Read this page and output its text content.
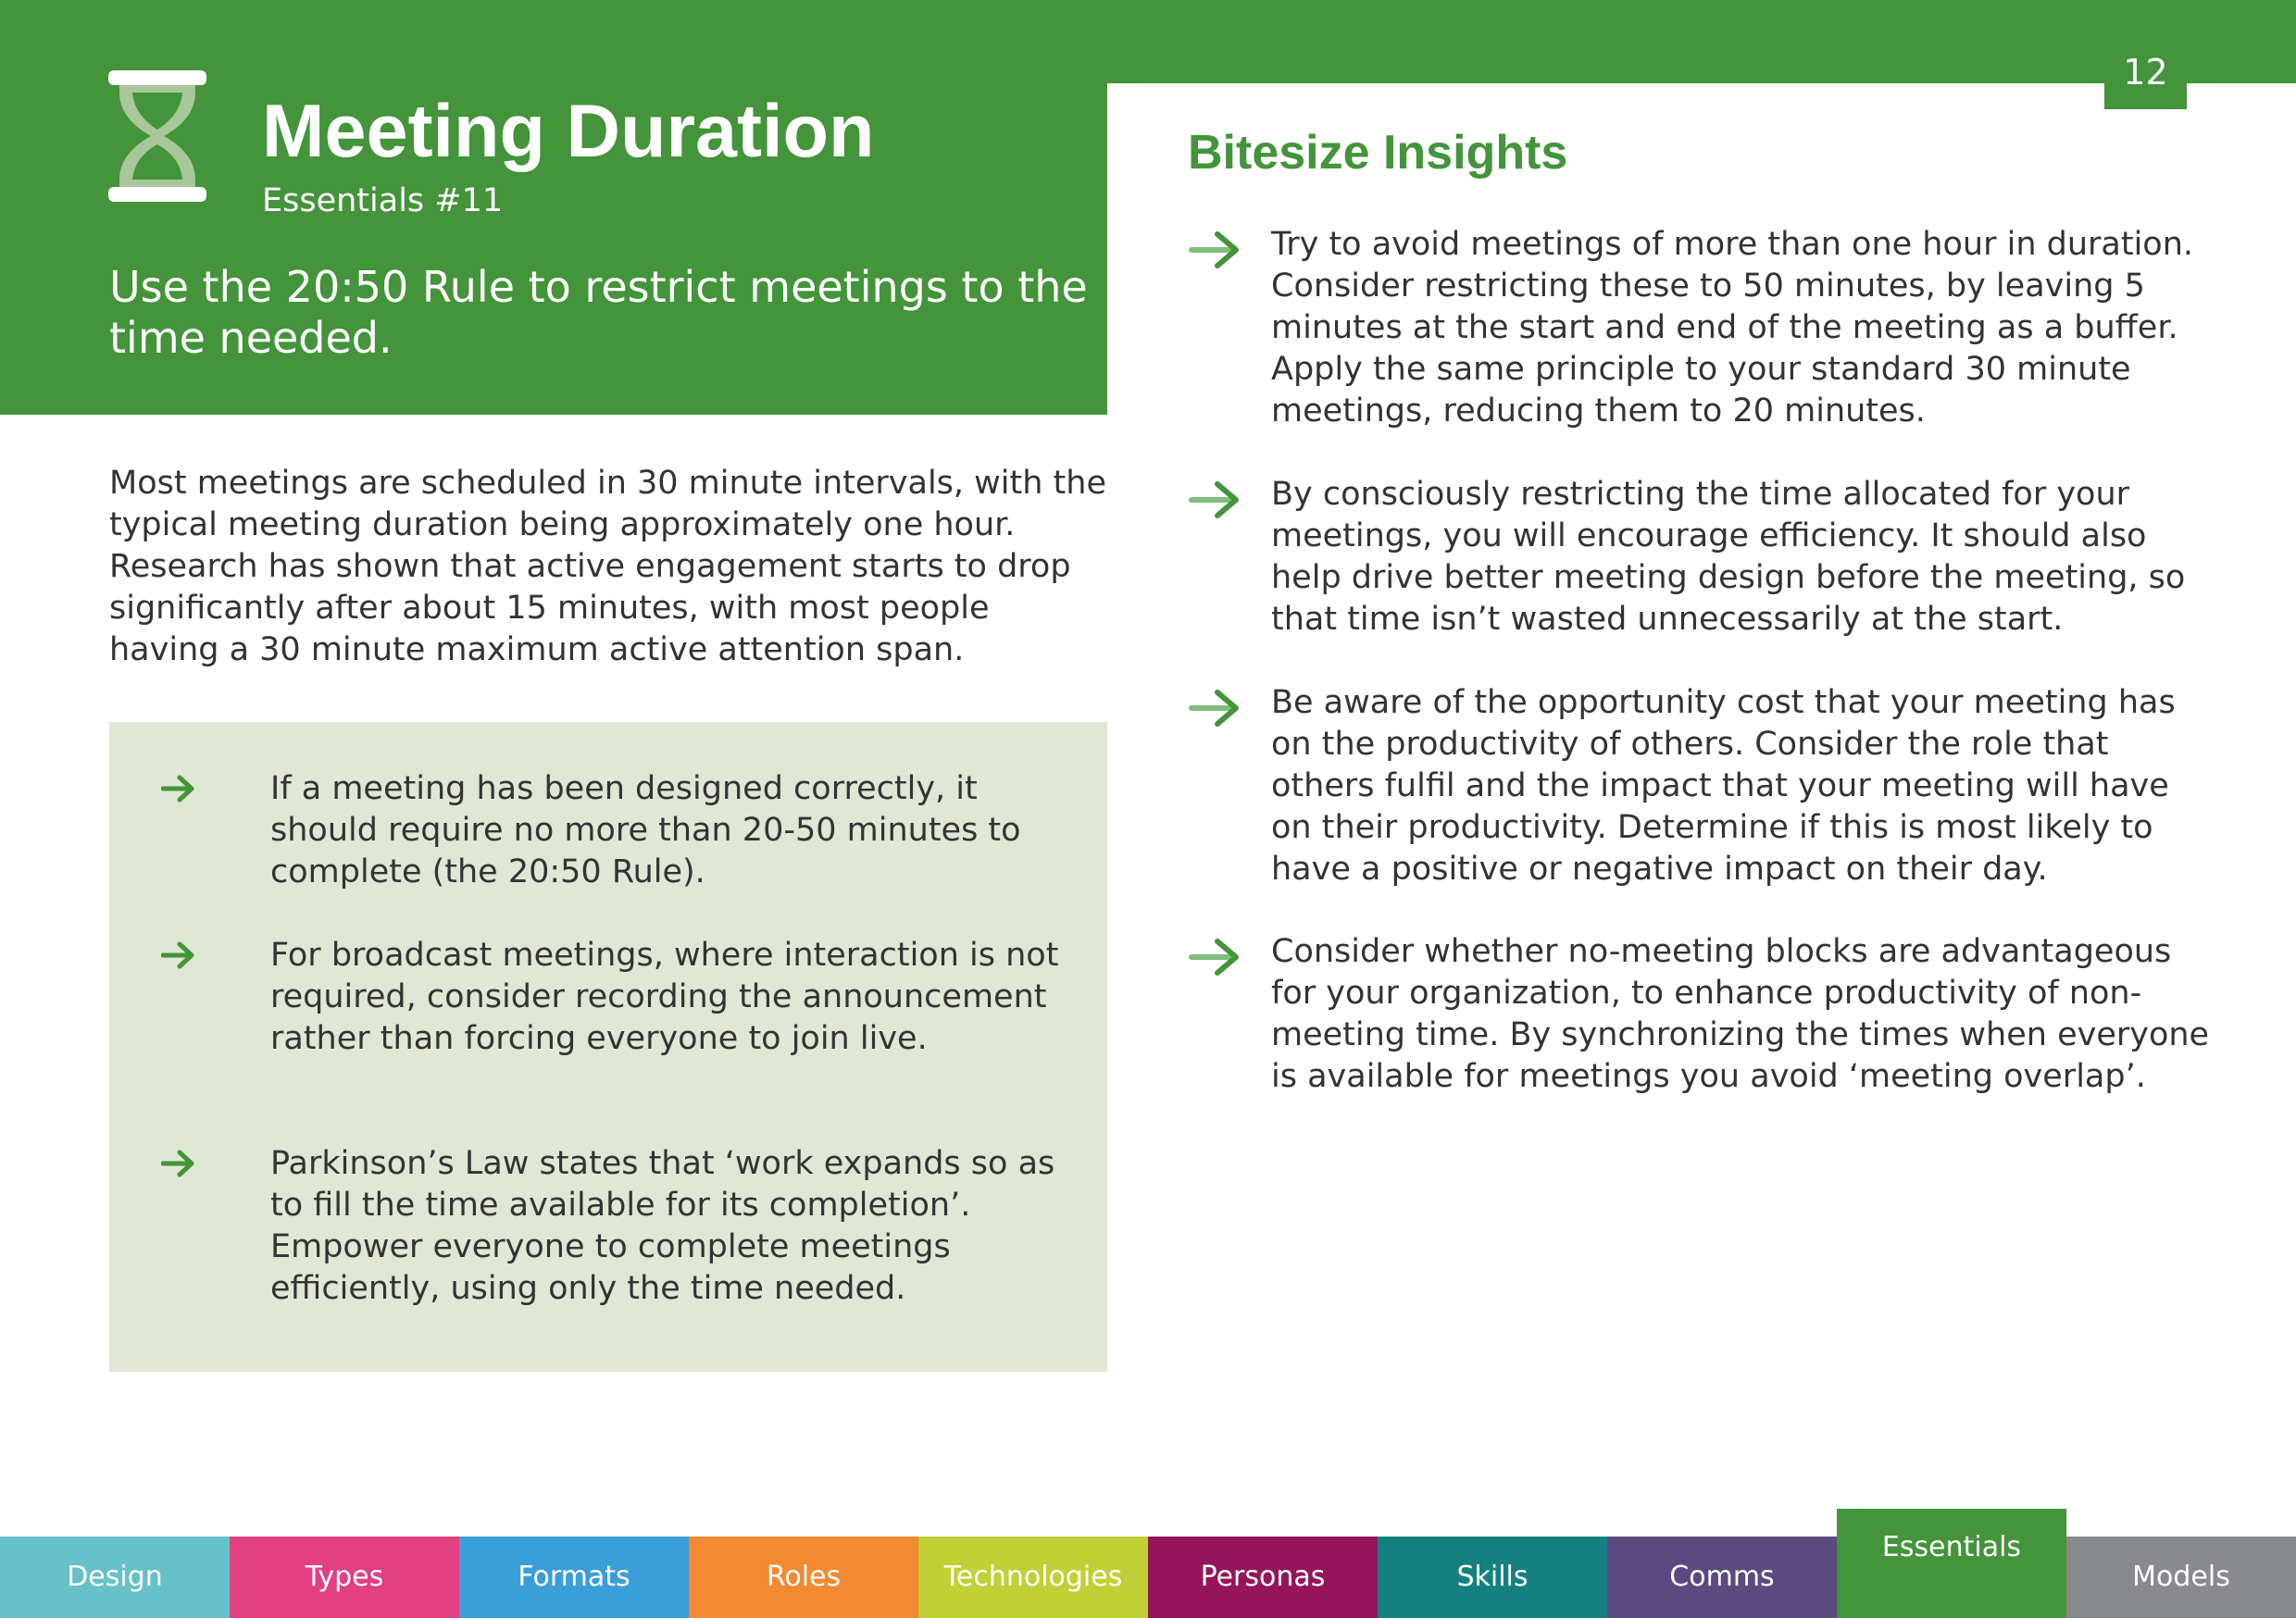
12
Meeting Duration
Essentials #11
Use the 20:50 Rule to restrict meetings to the time needed.
Most meetings are scheduled in 30 minute intervals, with the typical meeting duration being approximately one hour. Research has shown that active engagement starts to drop significantly after about 15 minutes, with most people having a 30 minute maximum active attention span.
If a meeting has been designed correctly, it should require no more than 20-50 minutes to complete (the 20:50 Rule).
For broadcast meetings, where interaction is not required, consider recording the announcement rather than forcing everyone to join live.
Parkinson’s Law states that ‘work expands so as to fill the time available for its completion’. Empower everyone to complete meetings efficiently, using only the time needed.
Bitesize Insights
Try to avoid meetings of more than one hour in duration. Consider restricting these to 50 minutes, by leaving 5 minutes at the start and end of the meeting as a buffer. Apply the same principle to your standard 30 minute meetings, reducing them to 20 minutes.
By consciously restricting the time allocated for your meetings, you will encourage efficiency. It should also help drive better meeting design before the meeting, so that time isn’t wasted unnecessarily at the start.
Be aware of the opportunity cost that your meeting has on the productivity of others. Consider the role that others fulfil and the impact that your meeting will have on their productivity. Determine if this is most likely to have a positive or negative impact on their day.
Consider whether no-meeting blocks are advantageous for your organization, to enhance productivity of non-meeting time. By synchronizing the times when everyone is available for meetings you avoid ‘meeting overlap’.
Design	Types	Formats	Roles	Technologies	Personas	Skills	Comms
Essentials
Models
